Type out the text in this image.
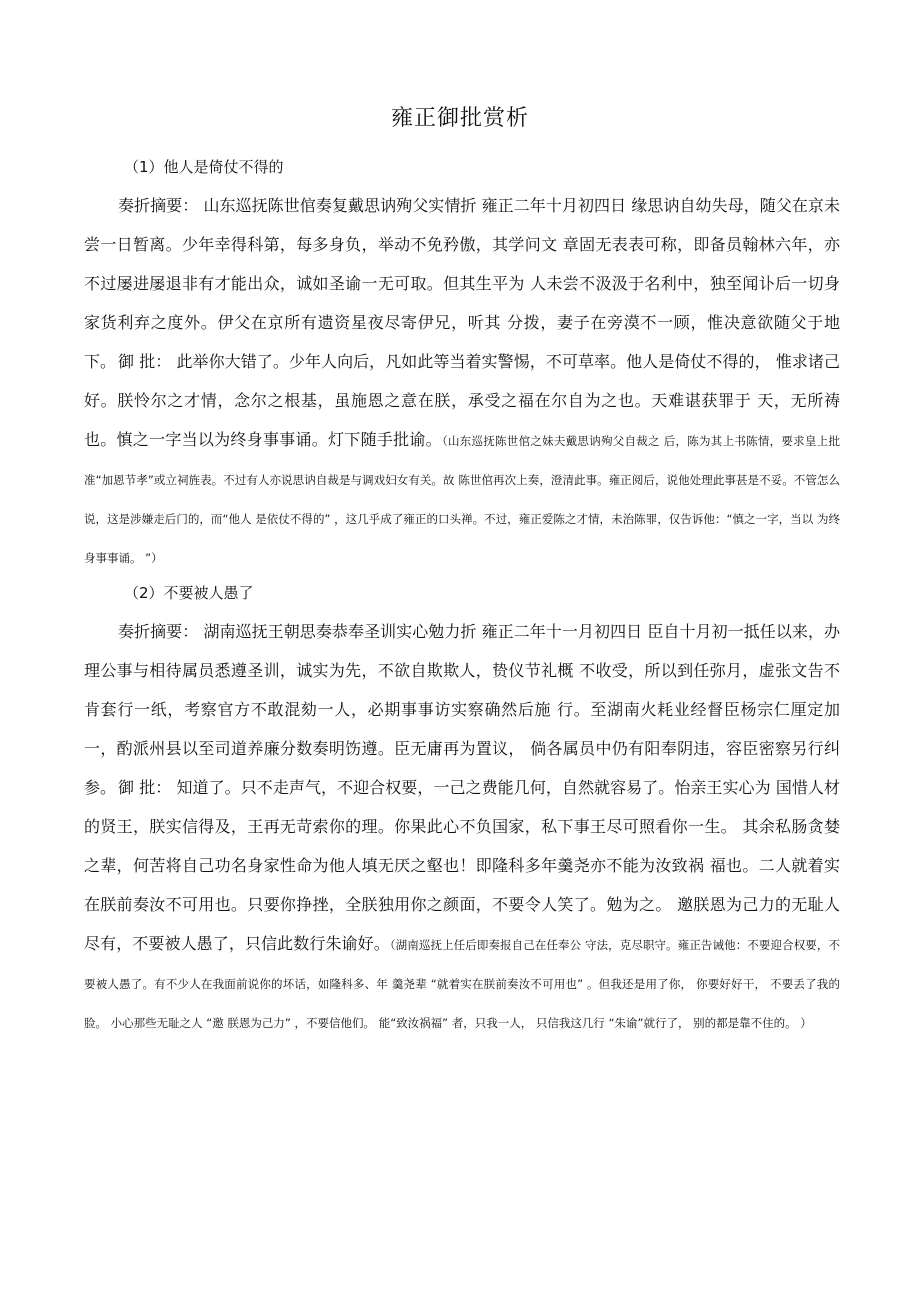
雍正御批赏析
（1）他人是倚仗不得的

奏折摘要： 山东巡抚陈世倌奏复戴思讷殉父实情折 雍正二年十月初四日 缘思讷自幼失母，随父在京未尝一日暂离。少年幸得科第，每多身负，举动不免矜傲，其学问文 章固无表表可称，即备员翰林六年，亦不过屡进屡退非有才能出众，诚如圣谕一无可取。但其生平为 人未尝不汲汲于名利中，独至闻讣后一切身家货利弃之度外。伊父在京所有遗资星夜尽寄伊兄，听其 分拨，妻子在旁漠不一顾，惟决意欲随父于地下。 御 批： 此举你大错了。少年人向后，凡如此等当着实警惕，不可草率。他人是倚仗不得的， 惟求诸己好。朕怜尔之才情，念尔之根基，虽施恩之意在朕，承受之福在尔自为之也。天难谌获罪于 天，无所祷也。慎之一字当以为终身事事诵。灯下随手批谕。（山东巡抚陈世倌之妹夫戴思讷殉父自裁之 后，陈为其上书陈情，要求皇上批准“加恩节孝”或立祠旌表。不过有人亦说思讷自裁是与调戏妇女有关。故 陈世倌再次上奏，澄清此事。雍正阅后，说他处理此事甚是不妥。不管怎么说，这是涉嫌走后门的，而“他人 是依仗不得的” ，这几乎成了雍正的口头禅。不过，雍正爱陈之才情，未治陈罪，仅告诉他：“慎之一字，当以 为终身事事诵。 ”）

（2）不要被人愚了

奏折摘要： 湖南巡抚王朝思奏恭奉圣训实心勉力折 雍正二年十一月初四日 臣自十月初一抵任以来，办理公事与相待属员悉遵圣训，诚实为先，不欲自欺欺人，贽仪节礼概 不收受，所以到任弥月，虚张文告不肯套行一纸，考察官方不敢混劾一人，必期事事访实察确然后施 行。至湖南火耗业经督臣杨宗仁厘定加一，酌派州县以至司道养廉分数奏明饬遵。臣无庸再为置议， 倘各属员中仍有阳奉阴违，容臣密察另行纠参。 御 批： 知道了。只不走声气，不迎合权要，一己之费能几何，自然就容易了。怡亲王实心为 国惜人材的贤王，朕实信得及，王再无苛索你的理。你果此心不负国家，私下事王尽可照看你一生。 其余私肠贪婪之辈，何苦将自己功名身家性命为他人填无厌之壑也！即隆科多年羹尧亦不能为汝致祸 福也。二人就着实在朕前奏汝不可用也。只要你挣挫，全朕独用你之颜面，不要令人笑了。勉为之。 邀朕恩为己力的无耻人尽有，不要被人愚了，只信此数行朱谕好。（湖南巡抚上任后即奏报自己在任奉公 守法，克尽职守。雍正告诫他：不要迎合权要，不要被人愚了。有不少人在我面前说你的坏话，如隆科多、年 羹尧辈 “就着实在朕前奏汝不可用也” 。但我还是用了你， 你要好好干， 不要丢了我的脸。 小心那些无耻之人 “邀 朕恩为己力” ，不要信他们。 能“致汝祸福” 者，只我一人， 只信我这几行 “朱谕”就行了， 别的都是靠不住的。 ）
